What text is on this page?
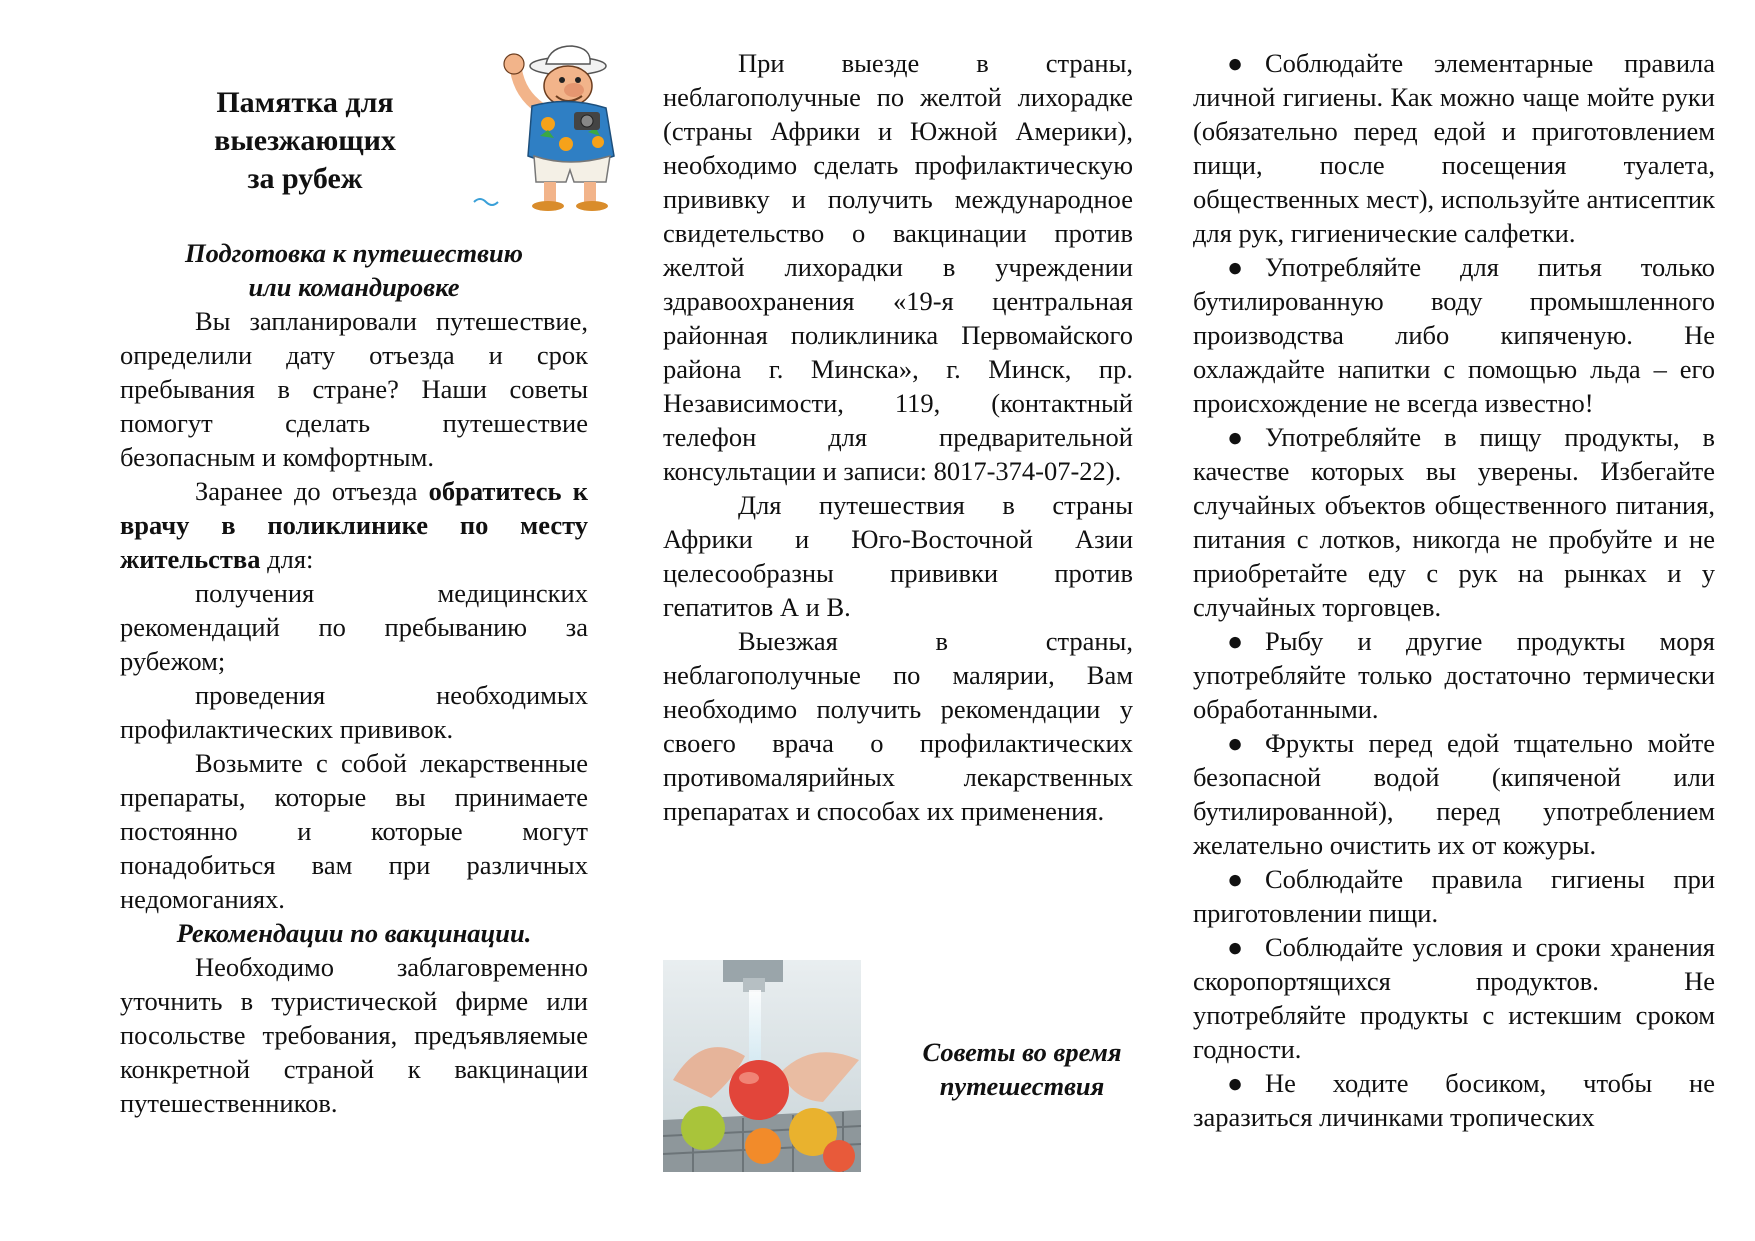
Памятка для
выезжающих
за рубеж

Подготовка к путешествию
или командировке

Вы запланировали путешествие, определили дату отъезда и срок пребывания в стране? Наши советы помогут сделать путешествие безопасным и комфортным.

Заранее до отъезда обратитесь к врачу в поликлинике по месту жительства для:

получения медицинских рекомендаций по пребыванию за рубежом;

проведения необходимых профилактических прививок.

Возьмите с собой лекарственные препараты, которые вы принимаете постоянно и которые могут понадобиться вам при различных недомоганиях.

Рекомендации по вакцинации.

Необходимо заблаговременно уточнить в туристической фирме или посольстве требования, предъявляемые конкретной страной к вакцинации путешественников.

При выезде в страны, неблагополучные по желтой лихорадке (страны Африки и Южной Америки), необходимо сделать профилактическую прививку и получить международное свидетельство о вакцинации против желтой лихорадки в учреждении здравоохранения «19-я центральная районная поликлиника Первомайского района г. Минска», г. Минск, пр. Независимости, 119, (контактный телефон для предварительной консультации и записи: 8017-374-07-22).

Для путешествия в страны Африки и Юго-Восточной Азии целесообразны прививки против гепатитов А и В.

Выезжая в страны, неблагополучные по малярии, Вам необходимо получить рекомендации у своего врача о профилактических противомалярийных лекарственных препаратах и способах их применения.

Советы во время
путешествия

● Соблюдайте элементарные правила личной гигиены. Как можно чаще мойте руки (обязательно перед едой и приготовлением пищи, после посещения туалета, общественных мест), используйте антисептик для рук, гигиенические салфетки.

● Употребляйте для питья только бутилированную воду промышленного производства либо кипяченую. Не охлаждайте напитки с помощью льда – его происхождение не всегда известно!

● Употребляйте в пищу продукты, в качестве которых вы уверены. Избегайте случайных объектов общественного питания, питания с лотков, никогда не пробуйте и не приобретайте еду с рук на рынках и у случайных торговцев.

● Рыбу и другие продукты моря употребляйте только достаточно термически обработанными.

● Фрукты перед едой тщательно мойте безопасной водой (кипяченой или бутилированной), перед употреблением желательно очистить их от кожуры.

● Соблюдайте правила гигиены при приготовлении пищи.

● Соблюдайте условия и сроки хранения скоропортящихся продуктов. Не употребляйте продукты с истекшим сроком годности.

● Не ходите босиком, чтобы не заразиться личинками тропических
